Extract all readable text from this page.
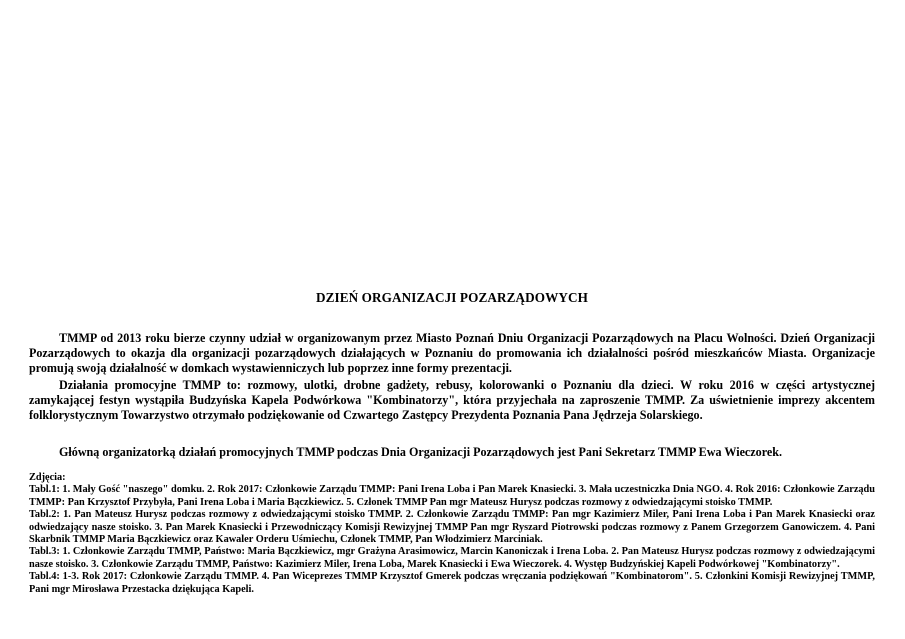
DZIEŃ ORGANIZACJI POZARZĄDOWYCH

TMMP od 2013 roku bierze czynny udział w organizowanym przez Miasto Poznań Dniu Organizacji Pozarządowych na Placu Wolności. Dzień Organizacji Pozarządowych to okazja dla organizacji pozarządowych działających w Poznaniu do promowania ich działalności pośród mieszkańców Miasta. Organizacje promują swoją działalność w domkach wystawienniczych lub poprzez inne formy prezentacji.

Działania promocyjne TMMP to: rozmowy, ulotki, drobne gadżety, rebusy, kolorowanki o Poznaniu dla dzieci. W roku 2016 w części artystycznej zamykającej festyn wystąpiła Budzyńska Kapela Podwórkowa "Kombinatorzy", która przyjechała na zaproszenie TMMP. Za uświetnienie imprezy akcentem folklorystycznym Towarzystwo otrzymało podziękowanie od Czwartego Zastępcy Prezydenta Poznania Pana Jędrzeja Solarskiego.

Główną organizatorką działań promocyjnych TMMP podczas Dnia Organizacji Pozarządowych jest Pani Sekretarz TMMP Ewa Wieczorek.

Zdjęcia:

Tabl.1: 1. Mały Gość "naszego" domku. 2. Rok 2017: Członkowie Zarządu TMMP: Pani Irena Loba i Pan Marek Knasiecki. 3. Mała uczestniczka Dnia NGO. 4. Rok 2016: Członkowie Zarządu TMMP: Pan Krzysztof Przybyła, Pani Irena Loba i Maria Bączkiewicz. 5. Członek TMMP Pan mgr Mateusz Hurysz podczas rozmowy z odwiedzającymi stoisko TMMP.

Tabl.2: 1. Pan Mateusz Hurysz podczas rozmowy z odwiedzającymi stoisko TMMP. 2. Członkowie Zarządu TMMP: Pan mgr Kazimierz Miler, Pani Irena Loba i Pan Marek Knasiecki oraz odwiedzający nasze stoisko. 3. Pan Marek Knasiecki i Przewodniczący Komisji Rewizyjnej TMMP Pan mgr Ryszard Piotrowski podczas rozmowy z Panem Grzegorzem Ganowiczem. 4. Pani Skarbnik TMMP Maria Bączkiewicz oraz Kawaler Orderu Uśmiechu, Członek TMMP, Pan Włodzimierz Marciniak.

Tabl.3: 1. Członkowie Zarządu TMMP, Państwo: Maria Bączkiewicz, mgr Grażyna Arasimowicz, Marcin Kanoniczak i Irena Loba. 2. Pan Mateusz Hurysz podczas rozmowy z odwiedzającymi nasze stoisko. 3. Członkowie Zarządu TMMP, Państwo: Kazimierz Miler, Irena Loba, Marek Knasiecki i Ewa Wieczorek. 4. Występ Budzyńskiej Kapeli Podwórkowej "Kombinatorzy".

Tabl.4: 1-3. Rok 2017: Członkowie Zarządu TMMP. 4. Pan Wiceprezes TMMP Krzysztof Gmerek podczas wręczania podziękowań "Kombinatorom". 5. Członkini Komisji Rewizyjnej TMMP, Pani mgr Mirosława Przestacka dziękująca Kapeli.
